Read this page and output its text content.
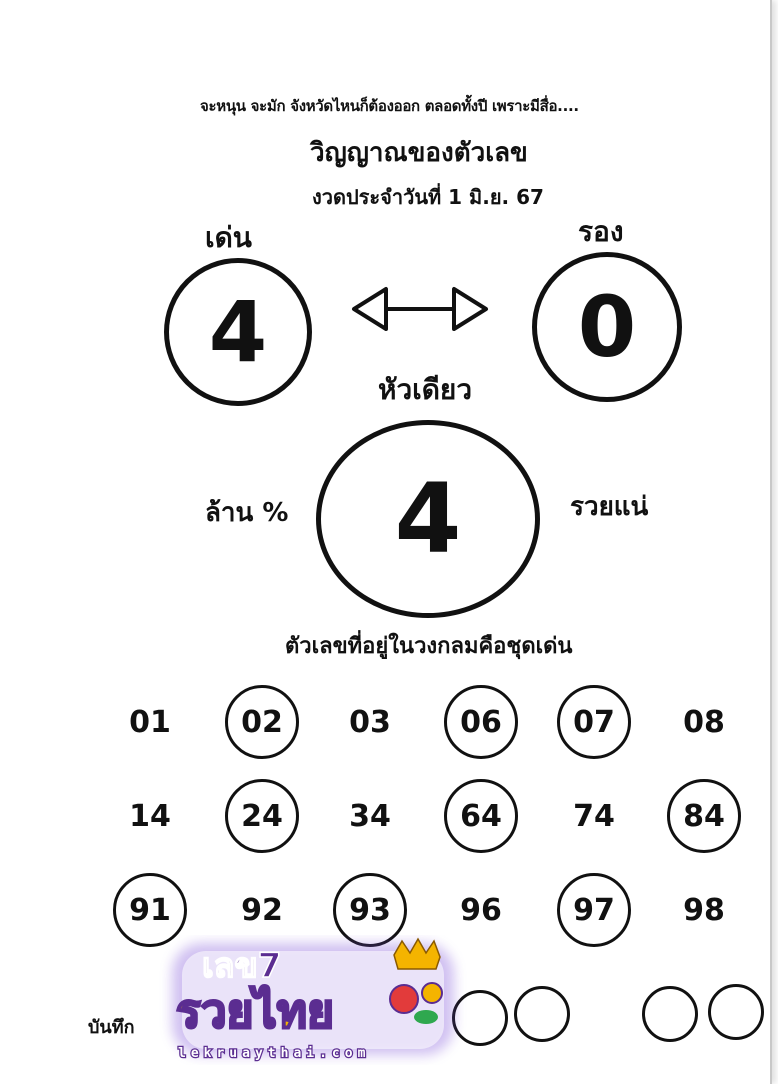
จะหนุน จะมัก จังหวัดไหนก็ต้องออก ตลอดทั้งปี เพราะมีสื่อ....
วิญญาณของตัวเลข
งวดประจำวันที่ 1 มิ.ย. 67
เด่น	รอง
4	0
หัวเดียว
ล้าน % 4	รวยแน่
ตัวเลขที่อยู่ในวงกลมคือชุดเด่น
01	02	03	06	07	08
14	24	34	64	74	84
91	92	93	96	97	98
บันทึก
เลข7
รวยไทย
lekruaythai.com
